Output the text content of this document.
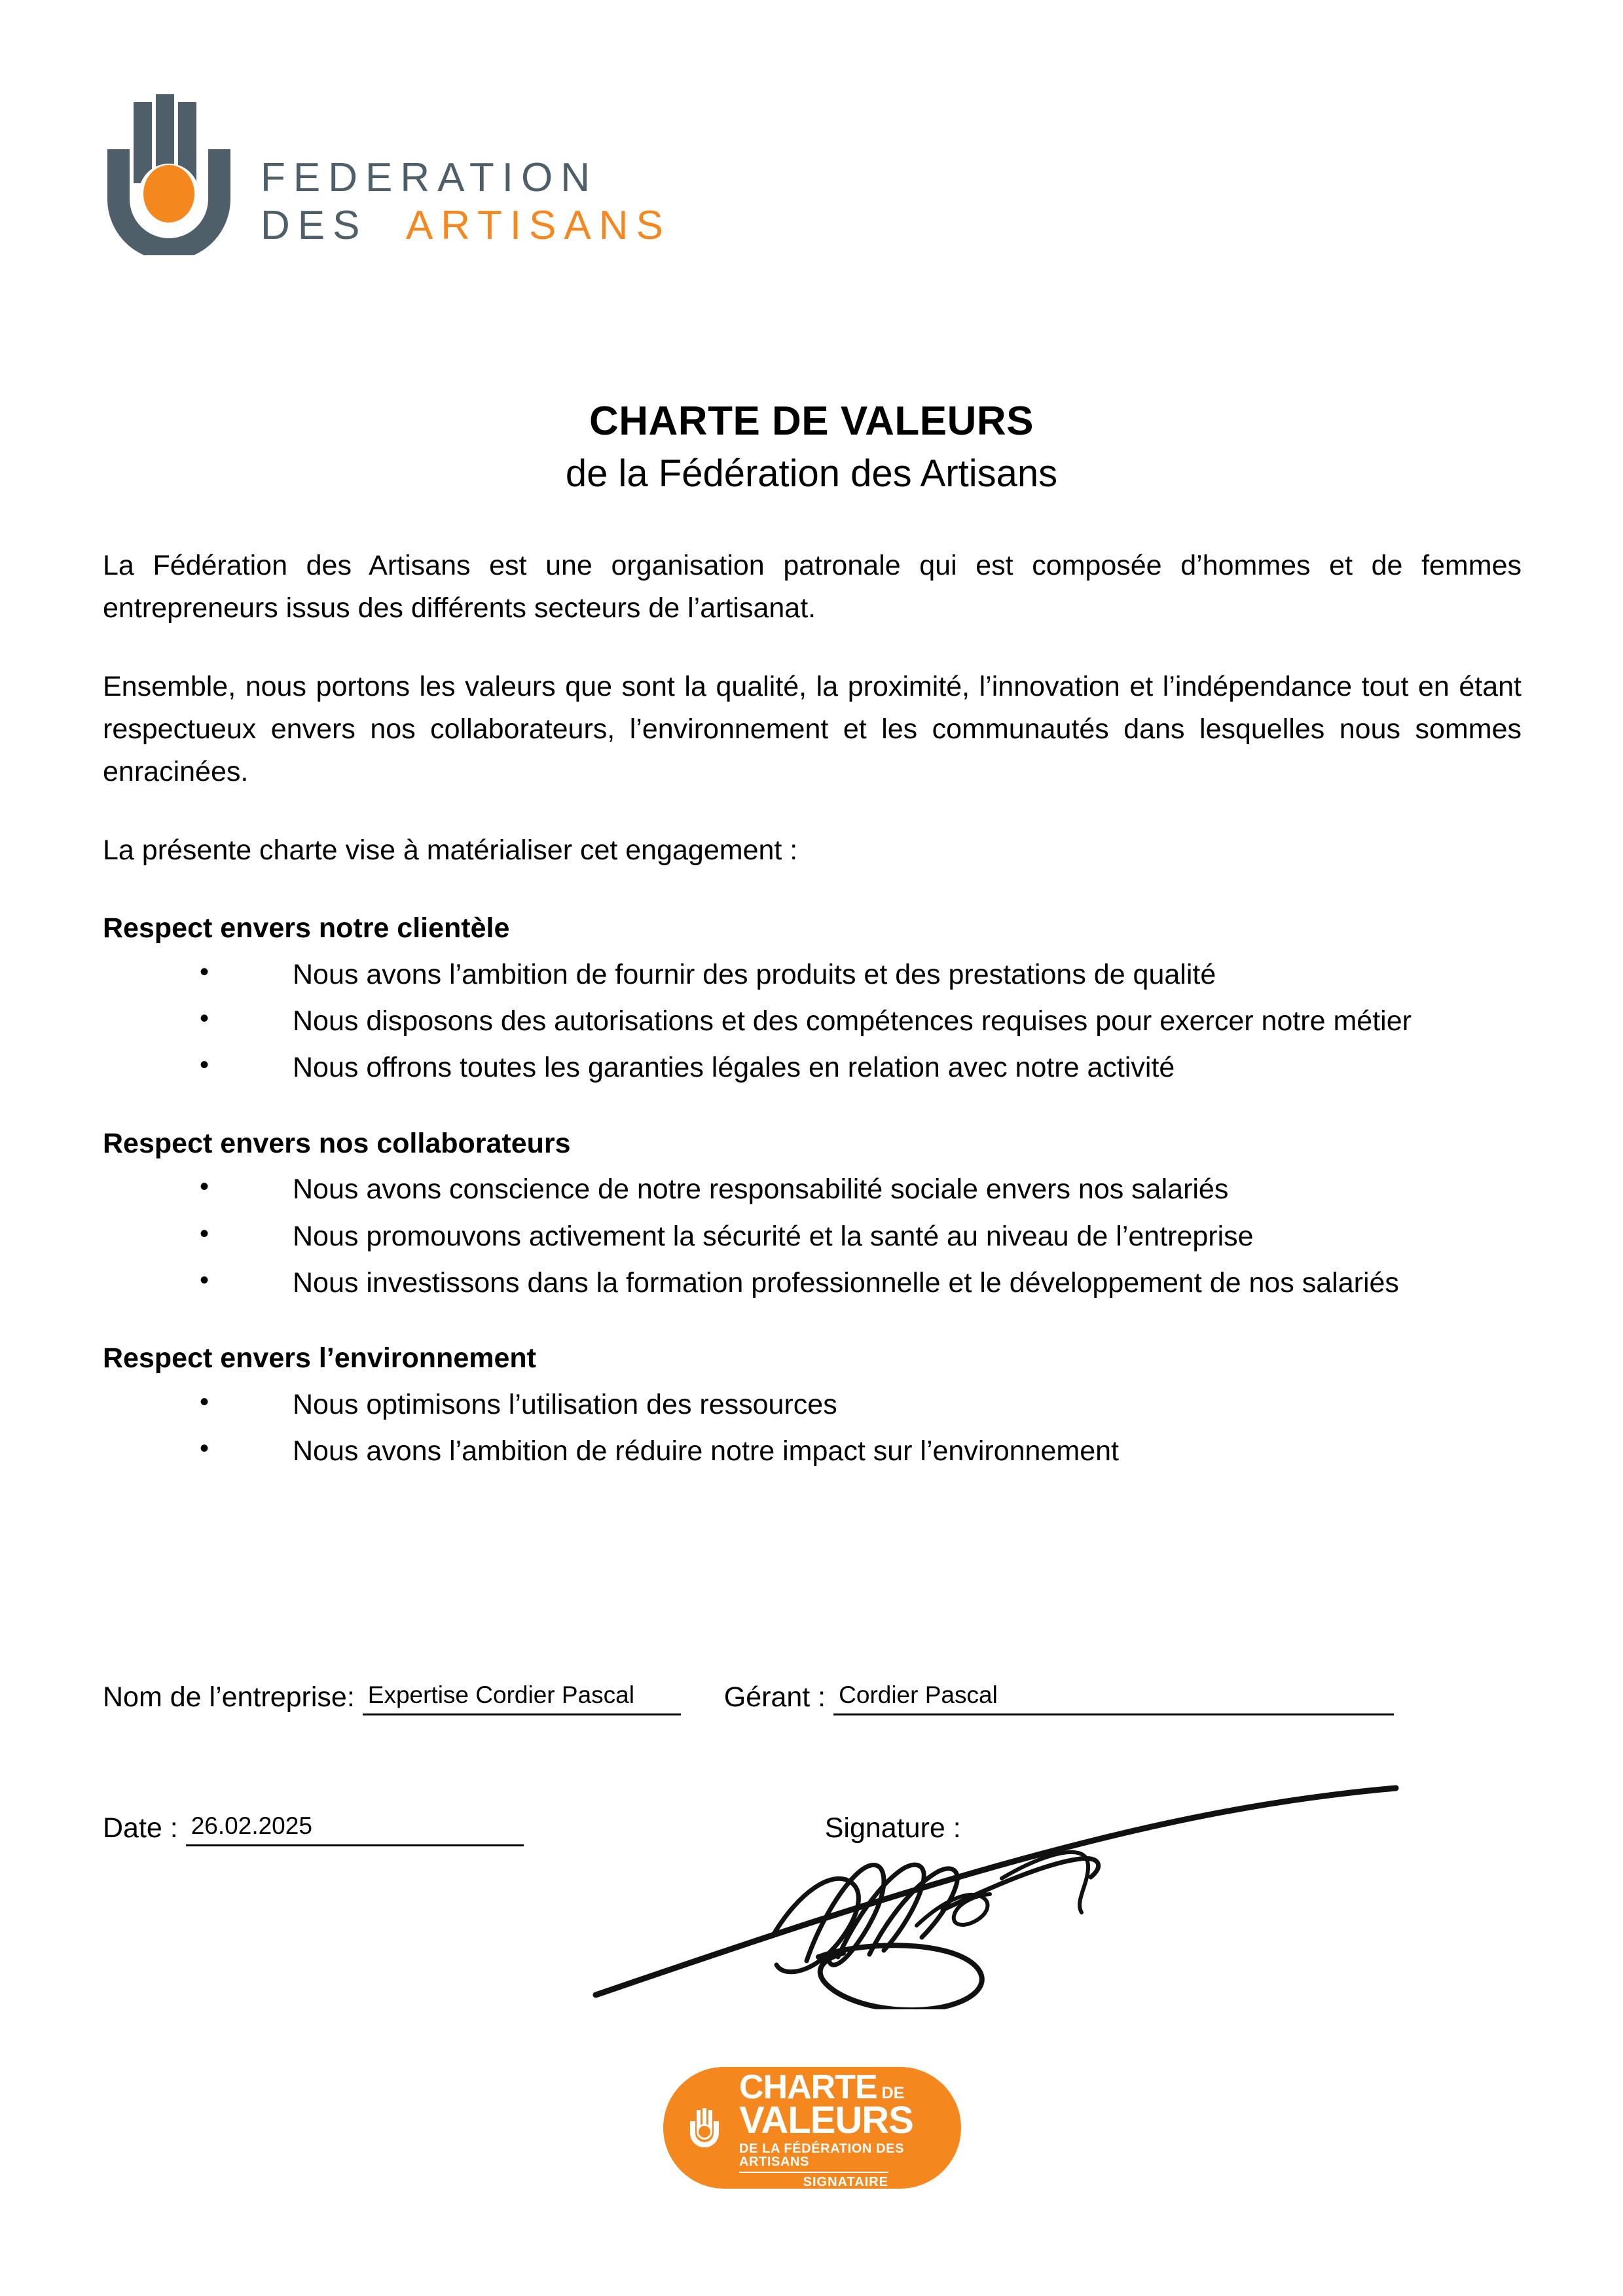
FEDERATION
DES ARTISANS
CHARTE DE VALEURS
de la Fédération des Artisans

La Fédération des Artisans est une organisation patronale qui est composée d’hommes et de femmes entrepreneurs issus des différents secteurs de l’artisanat.

Ensemble, nous portons les valeurs que sont la qualité, la proximité, l’innovation et l’indépendance tout en étant respectueux envers nos collaborateurs, l’environnement et les communautés dans lesquelles nous sommes enracinées.

La présente charte vise à matérialiser cet engagement :

Respect envers notre clientèle
• Nous avons l’ambition de fournir des produits et des prestations de qualité
• Nous disposons des autorisations et des compétences requises pour exercer notre métier
• Nous offrons toutes les garanties légales en relation avec notre activité
Respect envers nos collaborateurs
• Nous avons conscience de notre responsabilité sociale envers nos salariés
• Nous promouvons activement la sécurité et la santé au niveau de l’entreprise
• Nous investissons dans la formation professionnelle et le développement de nos salariés
Respect envers l’environnement
• Nous optimisons l’utilisation des ressources
• Nous avons l’ambition de réduire notre impact sur l’environnement
Nom de l’entreprise: Expertise Cordier Pascal	Gérant : Cordier Pascal
Date : 26.02.2025	Signature :
CHARTE DE
VALEURS
DE LA FÉDÉRATION DES ARTISANS
SIGNATAIRE
